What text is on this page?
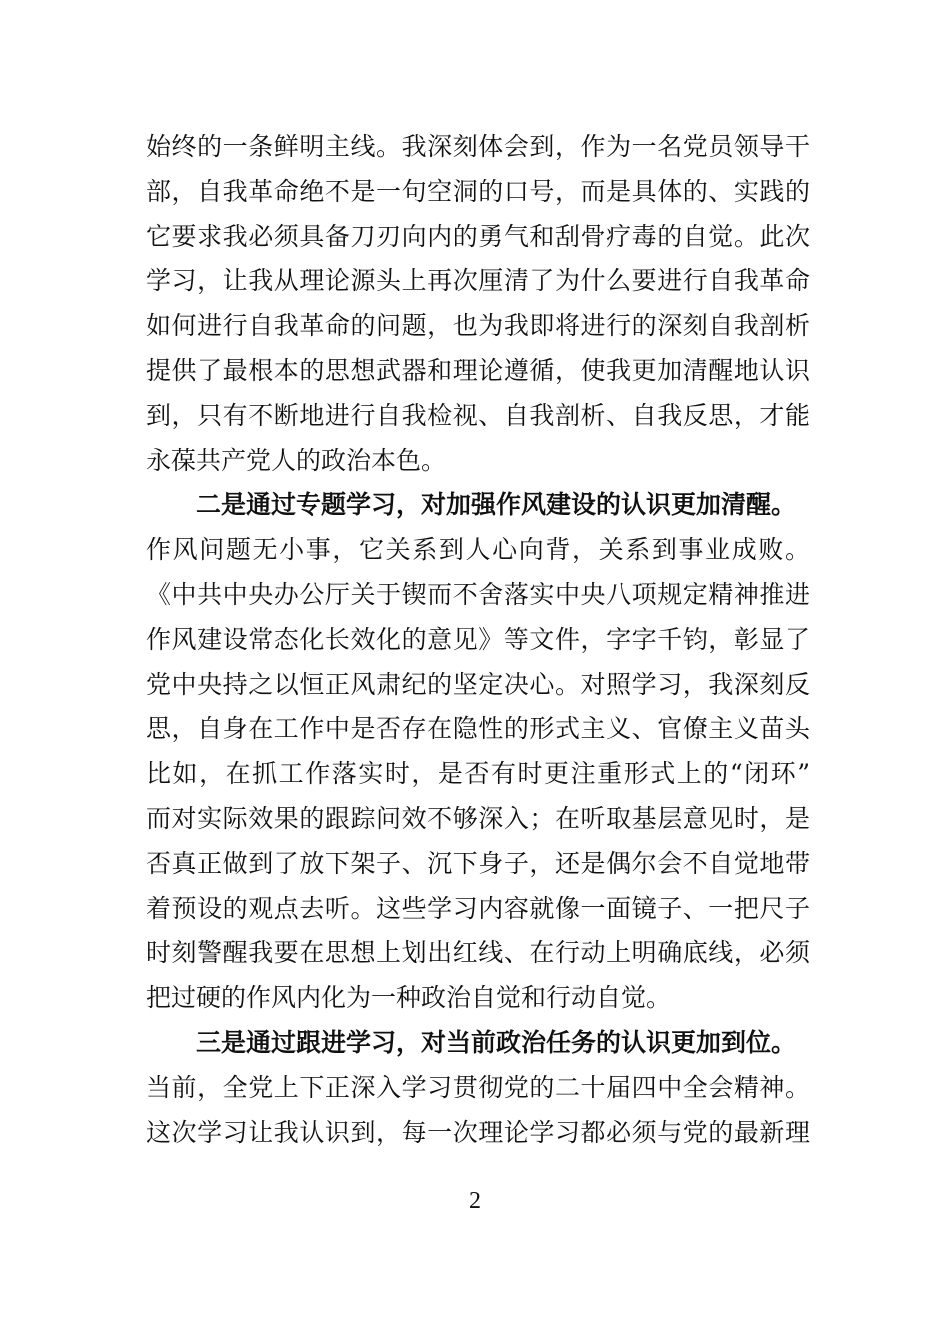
始终的一条鲜明主线。我深刻体会到，作为一名党员领导干
部，自我革命绝不是一句空洞的口号，而是具体的、实践的
它要求我必须具备刀刃向内的勇气和刮骨疗毒的自觉。此次
学习，让我从理论源头上再次厘清了为什么要进行自我革命
如何进行自我革命的问题，也为我即将进行的深刻自我剖析
提供了最根本的思想武器和理论遵循，使我更加清醒地认识
到，只有不断地进行自我检视、自我剖析、自我反思，才能
永葆共产党人的政治本色。
二是通过专题学习，对加强作风建设的认识更加清醒。
作风问题无小事，它关系到人心向背，关系到事业成败。
《中共中央办公厅关于锲而不舍落实中央八项规定精神推进
作风建设常态化长效化的意见》等文件，字字千钧，彰显了
党中央持之以恒正风肃纪的坚定决心。对照学习，我深刻反
思，自身在工作中是否存在隐性的形式主义、官僚主义苗头
比如，在抓工作落实时，是否有时更注重形式上的“闭环”
而对实际效果的跟踪问效不够深入；在听取基层意见时，是
否真正做到了放下架子、沉下身子，还是偶尔会不自觉地带
着预设的观点去听。这些学习内容就像一面镜子、一把尺子
时刻警醒我要在思想上划出红线、在行动上明确底线，必须
把过硬的作风内化为一种政治自觉和行动自觉。
三是通过跟进学习，对当前政治任务的认识更加到位。
当前，全党上下正深入学习贯彻党的二十届四中全会精神。
这次学习让我认识到，每一次理论学习都必须与党的最新理
2
